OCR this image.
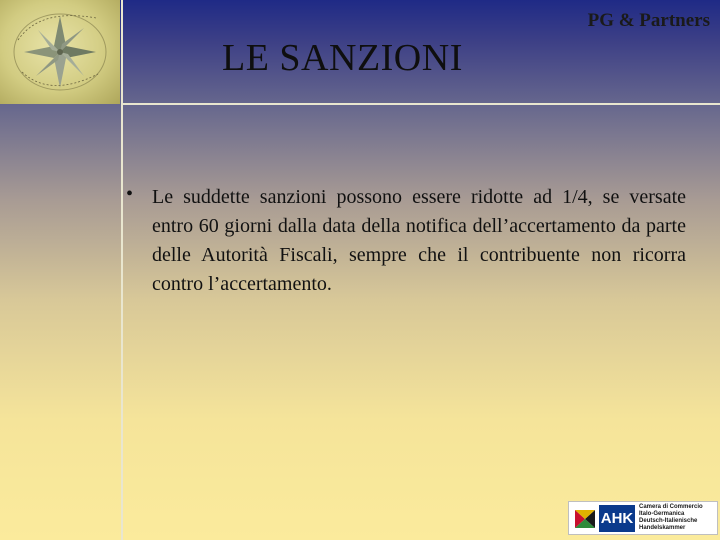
PG & Partners
LE SANZIONI
• Le suddette sanzioni possono essere ridotte ad 1/4, se versate entro 60 giorni dalla data della notifica dell’accertamento da parte delle Autorità Fiscali, sempre che il contribuente non ricorra contro l’accertamento.

AHK
Camera di Commercio
Italo-Germanica
Deutsch-Italienische
Handelskammer
